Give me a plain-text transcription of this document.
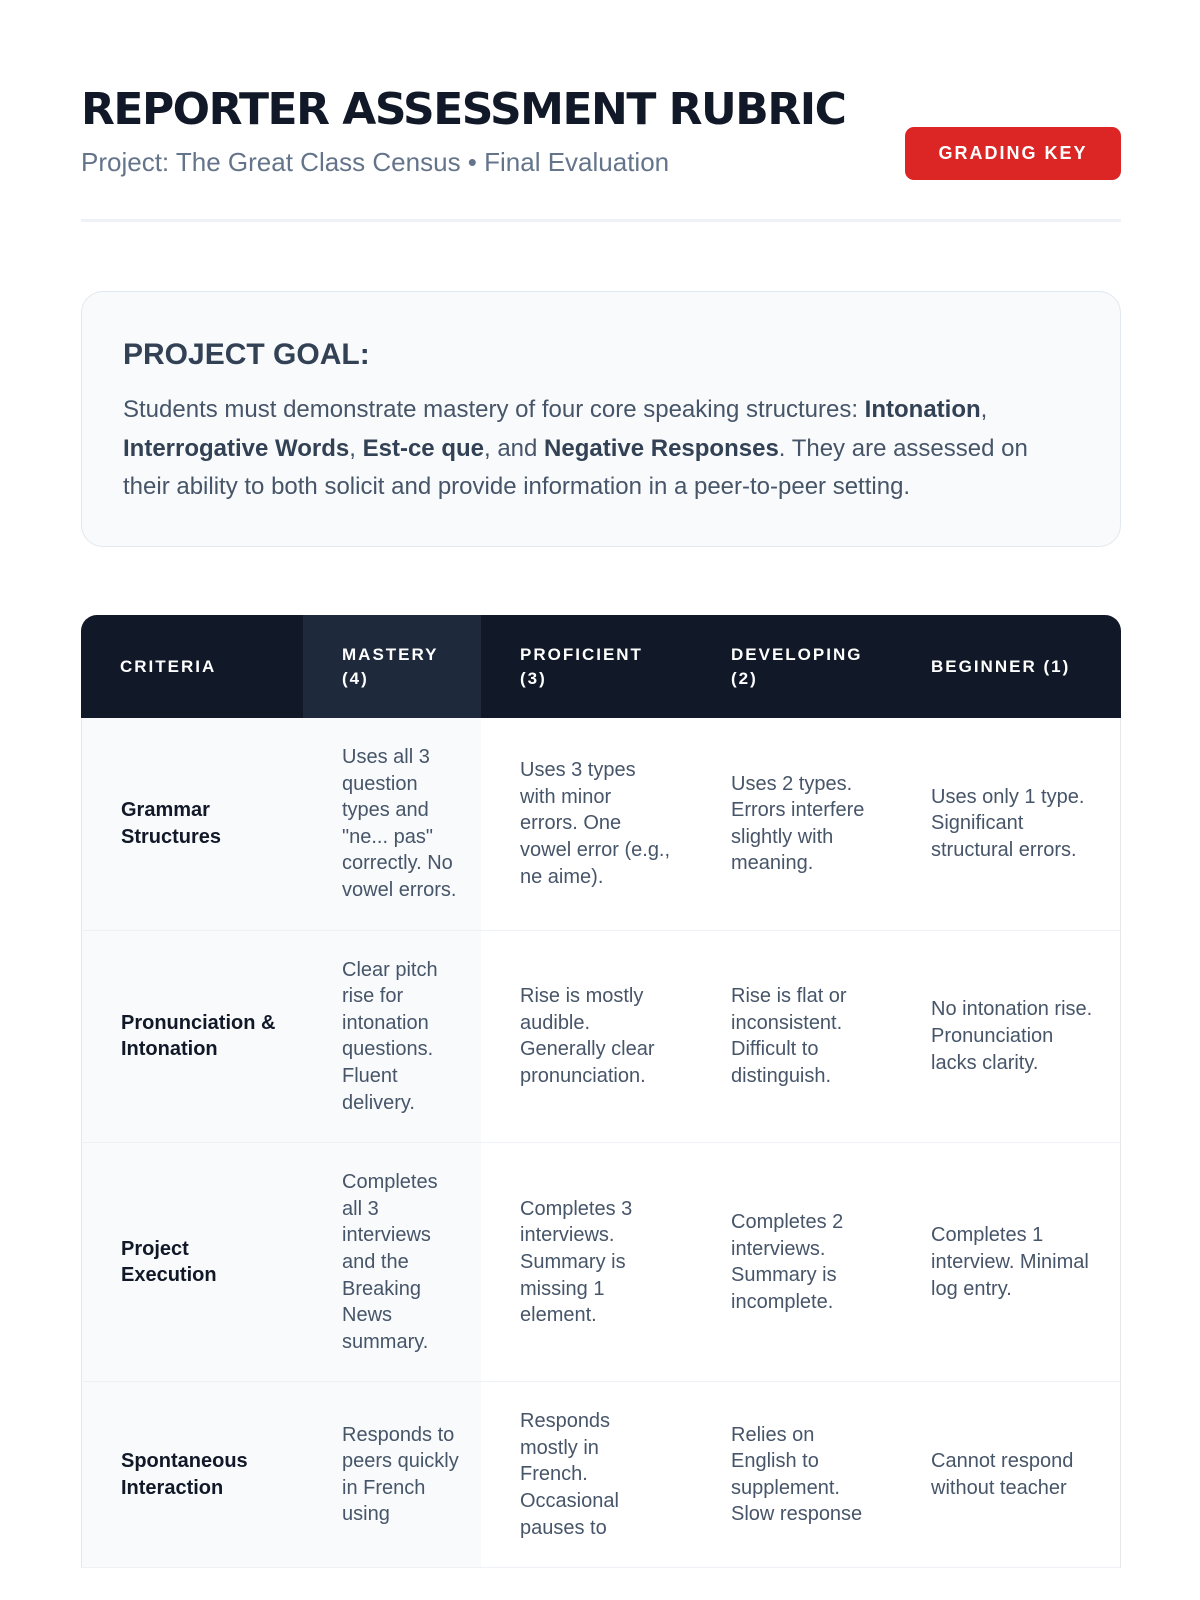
REPORTER ASSESSMENT RUBRIC
Project: The Great Class Census • Final Evaluation	GRADING KEY
PROJECT GOAL:

Students must demonstrate mastery of four core speaking structures: Intonation, Interrogative Words, Est-ce que, and Negative Responses. They are assessed on their ability to both solicit and provide information in a peer-to-peer setting.

CRITERIA	MASTERY (4)	PROFICIENT (3)	DEVELOPING (2)	BEGINNER (1)
Grammar Structures	Uses all 3 question types and "ne... pas" correctly. No vowel errors.	Uses 3 types with minor errors. One vowel error (e.g., ne aime).	Uses 2 types. Errors interfere slightly with meaning.	Uses only 1 type. Significant structural errors.
Pronunciation & Intonation	Clear pitch rise for intonation questions. Fluent delivery.	Rise is mostly audible. Generally clear pronunciation.	Rise is flat or inconsistent. Difficult to distinguish.	No intonation rise. Pronunciation lacks clarity.
Project Execution	Completes all 3 interviews and the Breaking News summary.	Completes 3 interviews. Summary is missing 1 element.	Completes 2 interviews. Summary is incomplete.	Completes 1 interview. Minimal log entry.
Spontaneous Interaction	Responds to peers quickly in French using	Responds mostly in French. Occasional pauses to	Relies on English to supplement. Slow response	Cannot respond without teacher
